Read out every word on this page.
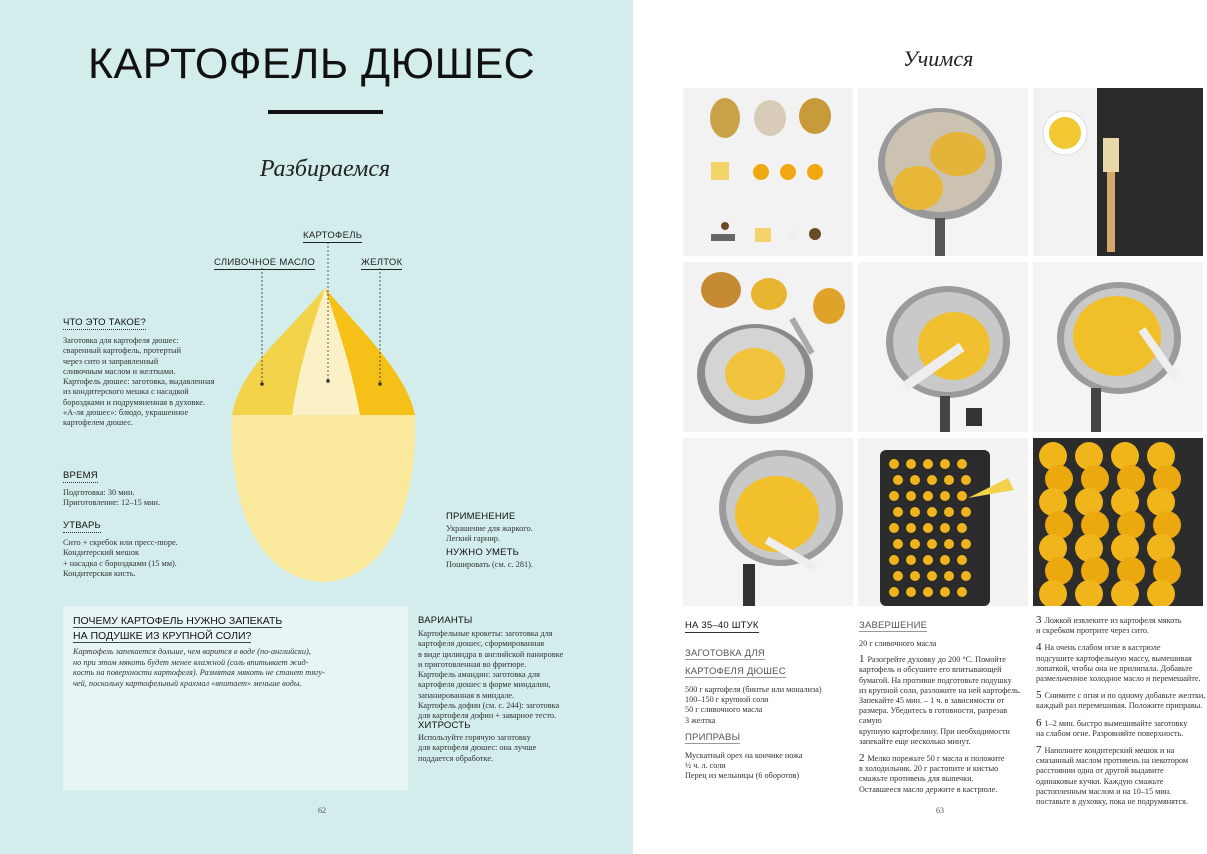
КАРТОФЕЛЬ ДЮШЕС
Разбираемся
КАРТОФЕЛЬ
СЛИВОЧНОЕ МАСЛО	ЖЕЛТОК
ЧТО ЭТО ТАКОЕ?
Заготовка для картофеля дюшес:
сваренный картофель, протертый
через сито и заправленный
сливочным маслом и желтками.
Картофель дюшес: заготовка, выдавленная
из кондитерского мешка с насадкой
бороздками и подрумяненная в духовке.
«А-ля дюшес»: блюдо, украшенное
картофелем дюшес.
ВРЕМЯ
Подготовка: 30 мин.
Приготовление: 12–15 мин.
УТВАРЬ
Сито + скребок или пресс-пюре.
Кондитерский мешок
+ насадка с бороздками (15 мм).
Кондитерская кисть.
ПРИМЕНЕНИЕ
Украшение для жаркого.
Легкий гарнир.
НУЖНО УМЕТЬ
Пошировать (см. с. 281).
ПОЧЕМУ КАРТОФЕЛЬ НУЖНО ЗАПЕКАТЬ
НА ПОДУШКЕ ИЗ КРУПНОЙ СОЛИ?
Картофель запекается дольше, чем варится в воде (по-английски),
но при этом мякоть будет менее влажной (соль впитывает жид-
кость на поверхности картофеля). Размятая мякоть не станет тягу-
чей, поскольку картофельный крахмал «впитает» меньше воды.
ВАРИАНТЫ
Картофельные крокеты: заготовка для
картофеля дюшес, сформированная
в виде цилиндра в английской панировке
и приготовленная во фритюре.
Картофель амандин: заготовка для
картофеля дюшес в форме миндалин,
запанированная в миндале.
Картофель дофин (см. с. 244): заготовка
для картофеля дофин + заварное тесто.
ХИТРОСТЬ
Используйте горячую заготовку
для картофеля дюшес: она лучше
поддается обработке.
62
Учимся
НА 35–40 ШТУК
ЗАГОТОВКА ДЛЯ
КАРТОФЕЛЯ ДЮШЕС
500 г картофеля (бинтье или монализа)
100–150 г крупной соли
50 г сливочного масла
3 желтка
ПРИПРАВЫ
Мускатный орех на кончике ножа
½ ч. л. соли
Перец из мельницы (6 оборотов)
ЗАВЕРШЕНИЕ
20 г сливочного масла
1 Разогрейте духовку до 200 °С. Помойте
картофель и обсушите его впитывающей
бумагой. На противне подготовьте подушку
из крупной соли, разложите на ней картофель.
Запекайте 45 мин. – 1 ч. в зависимости от
размера. Убедитесь в готовности, разрезав самую
крупную картофелину. При необходимости
запекайте еще несколько минут.
2 Мелко порежьте 50 г масла и положите
в холодильник. 20 г растопите и кистью
смажьте противень для выпечки.
Оставшееся масло держите в кастрюле.
3 Ложкой извлеките из картофеля мякоть
и скребком протрите через сито.
4 На очень слабом огне в кастрюле
подсушите картофельную массу, вымешивая
лопаткой, чтобы она не прилипала. Добавьте
размельченное холодное масло и перемешайте.
5 Снимите с огня и по одному добавьте желтки,
каждый раз перемешивая. Положите приправы.
6 1–2 мин. быстро вымешивайте заготовку
на слабом огне. Разровняйте поверхность.
7 Наполните кондитерский мешок и на
смазанный маслом противень на некотором
расстоянии одна от другой выдавите
одинаковые кучки. Каждую смажьте
растопленным маслом и на 10–15 мин.
поставьте в духовку, пока не подрумянятся.
63
